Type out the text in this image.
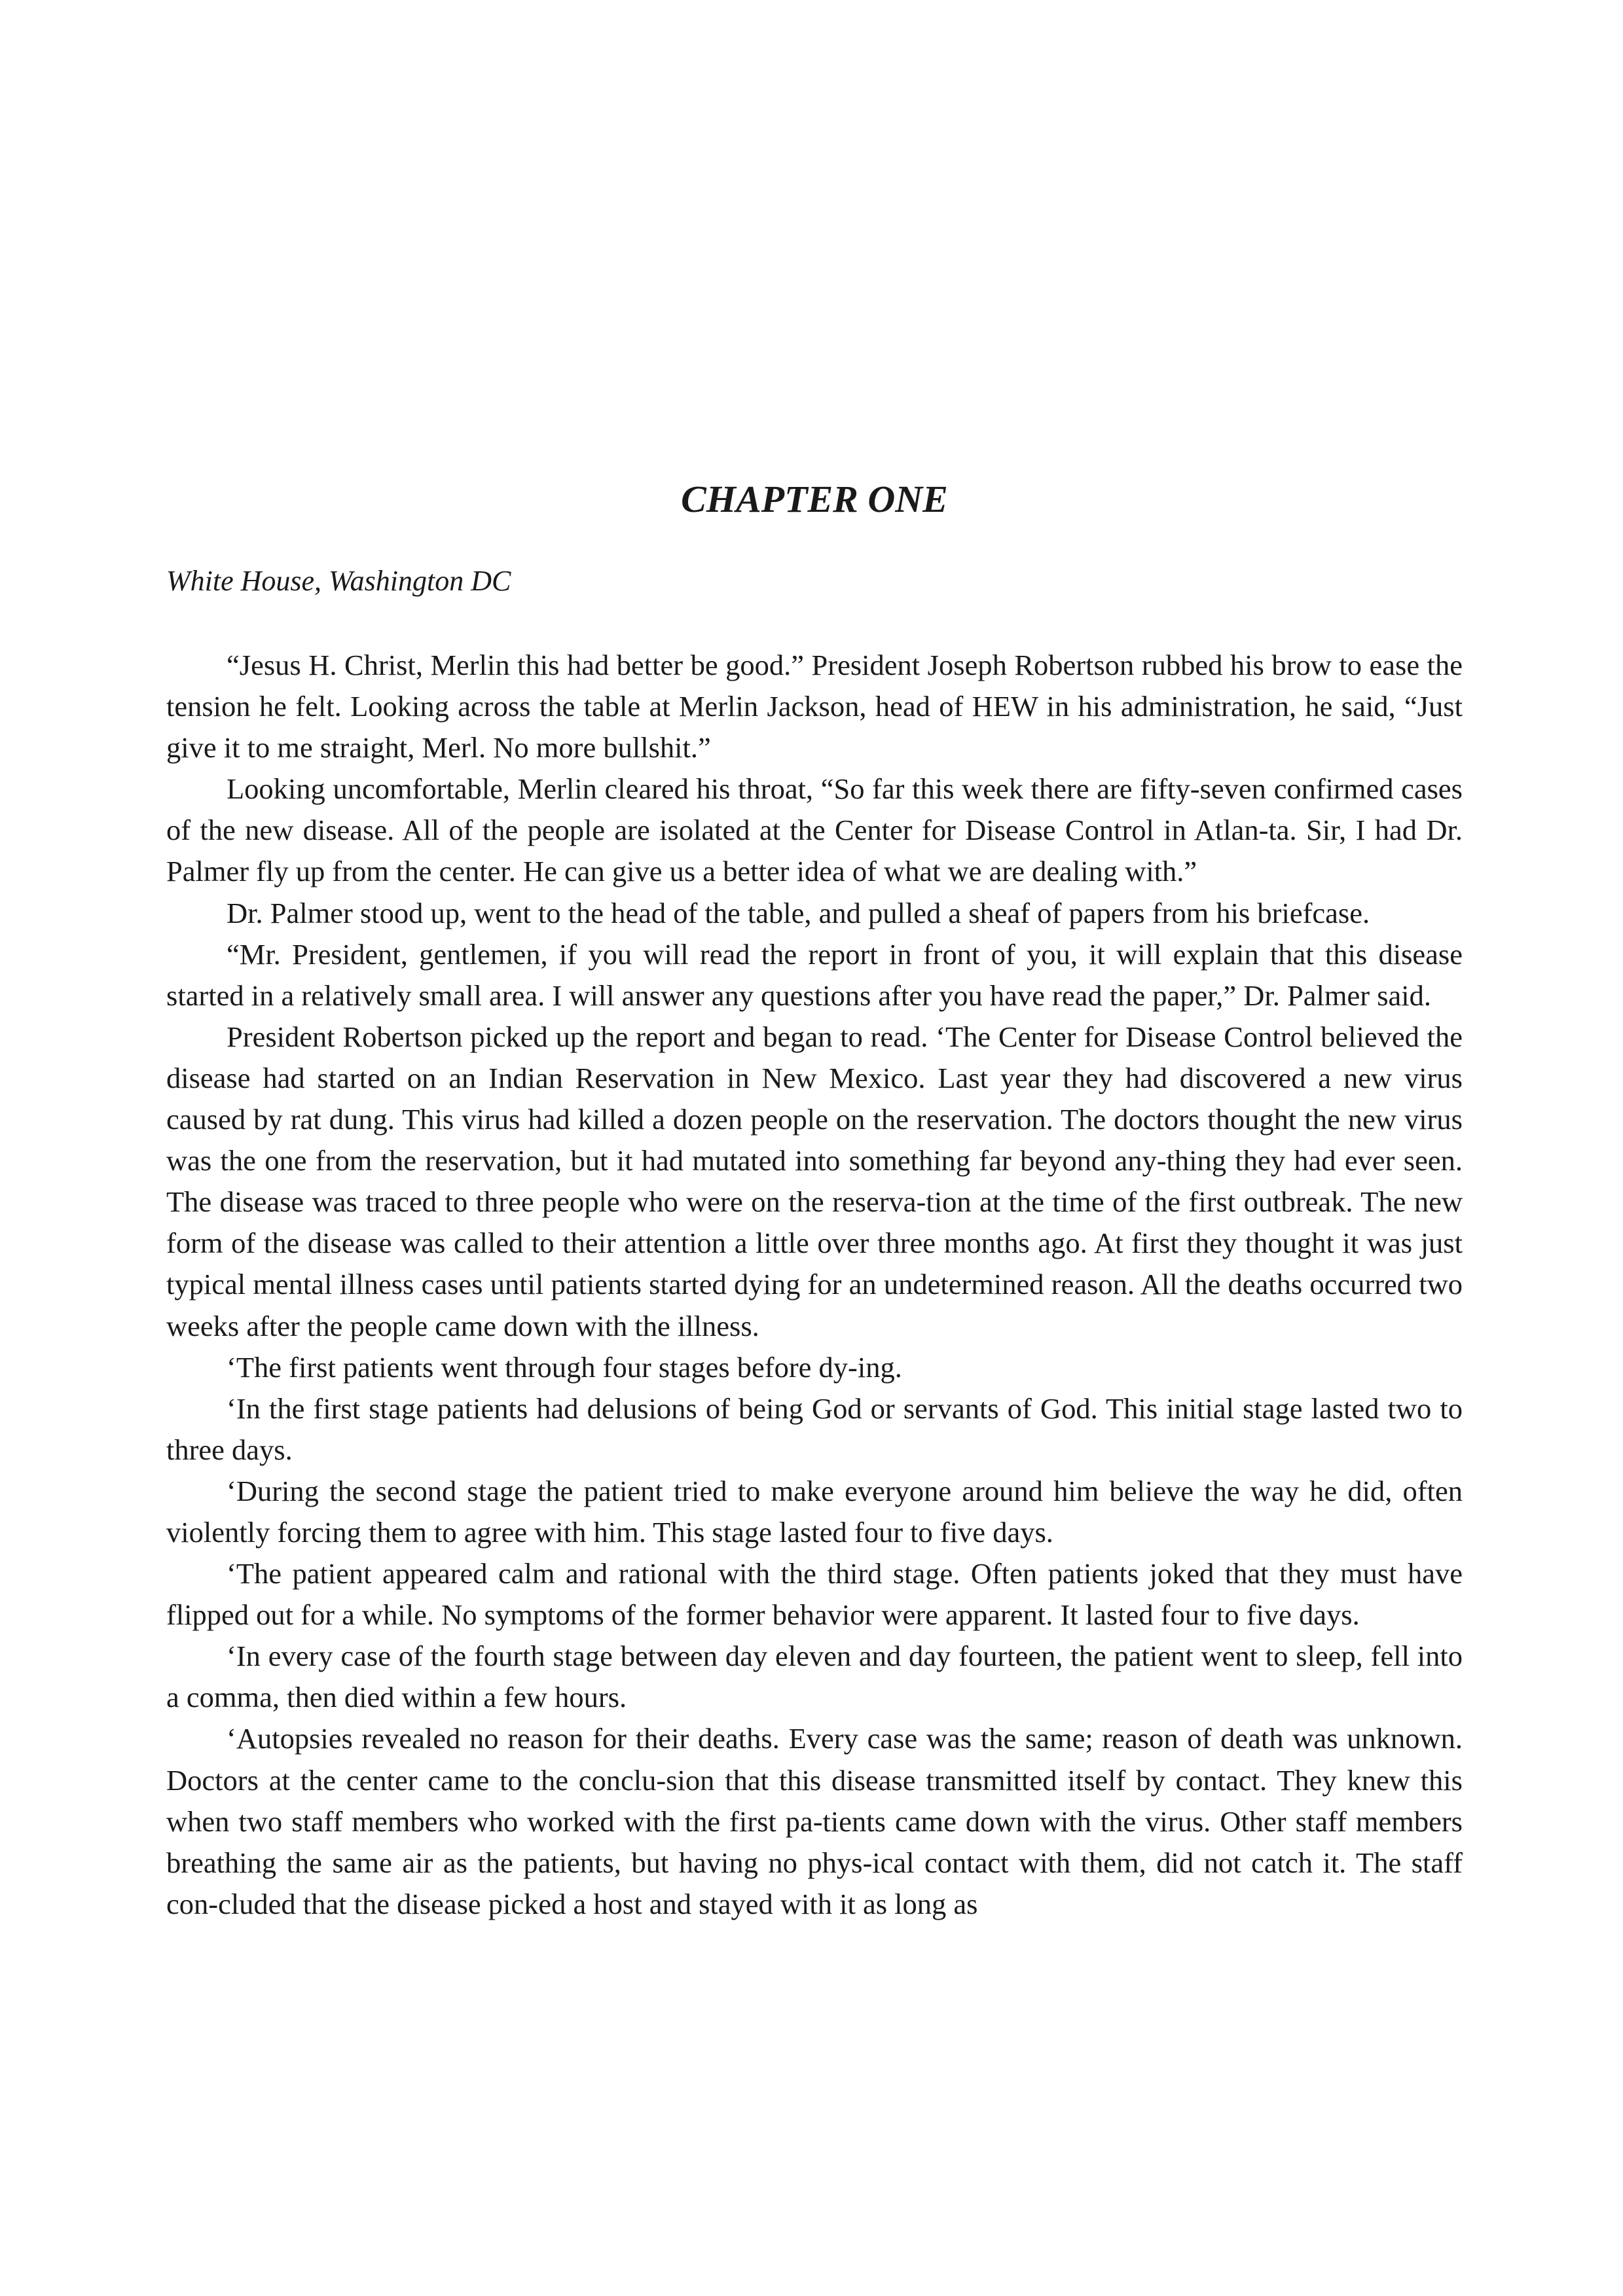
CHAPTER ONE

White House, Washington DC

“Jesus H. Christ, Merlin this had better be good.” President Joseph Robertson rubbed his brow to ease the tension he felt. Looking across the table at Merlin Jackson, head of HEW in his administration, he said, “Just give it to me straight, Merl. No more bullshit.”

Looking uncomfortable, Merlin cleared his throat, “So far this week there are fifty-seven confirmed cases of the new disease. All of the people are isolated at the Center for Disease Control in Atlan-ta. Sir, I had Dr. Palmer fly up from the center. He can give us a better idea of what we are dealing with.”

Dr. Palmer stood up, went to the head of the table, and pulled a sheaf of papers from his briefcase.

“Mr. President, gentlemen, if you will read the report in front of you, it will explain that this disease started in a relatively small area. I will answer any questions after you have read the paper,” Dr. Palmer said.

President Robertson picked up the report and began to read. ‘The Center for Disease Control believed the disease had started on an Indian Reservation in New Mexico. Last year they had discovered a new virus caused by rat dung. This virus had killed a dozen people on the reservation. The doctors thought the new virus was the one from the reservation, but it had mutated into something far beyond any-thing they had ever seen. The disease was traced to three people who were on the reserva-tion at the time of the first outbreak. The new form of the disease was called to their attention a little over three months ago. At first they thought it was just typical mental illness cases until patients started dying for an undetermined reason. All the deaths occurred two weeks after the people came down with the illness.

‘The first patients went through four stages before dy-ing.

‘In the first stage patients had delusions of being God or servants of God. This initial stage lasted two to three days.

‘During the second stage the patient tried to make everyone around him believe the way he did, often violently forcing them to agree with him. This stage lasted four to five days.

‘The patient appeared calm and rational with the third stage. Often patients joked that they must have flipped out for a while. No symptoms of the former behavior were apparent. It lasted four to five days.

‘In every case of the fourth stage between day eleven and day fourteen, the patient went to sleep, fell into a comma, then died within a few hours.

‘Autopsies revealed no reason for their deaths. Every case was the same; reason of death was unknown. Doctors at the center came to the conclu-sion that this disease transmitted itself by contact. They knew this when two staff members who worked with the first pa-tients came down with the virus. Other staff members breathing the same air as the patients, but having no phys-ical contact with them, did not catch it. The staff con-cluded that the disease picked a host and stayed with it as long as
